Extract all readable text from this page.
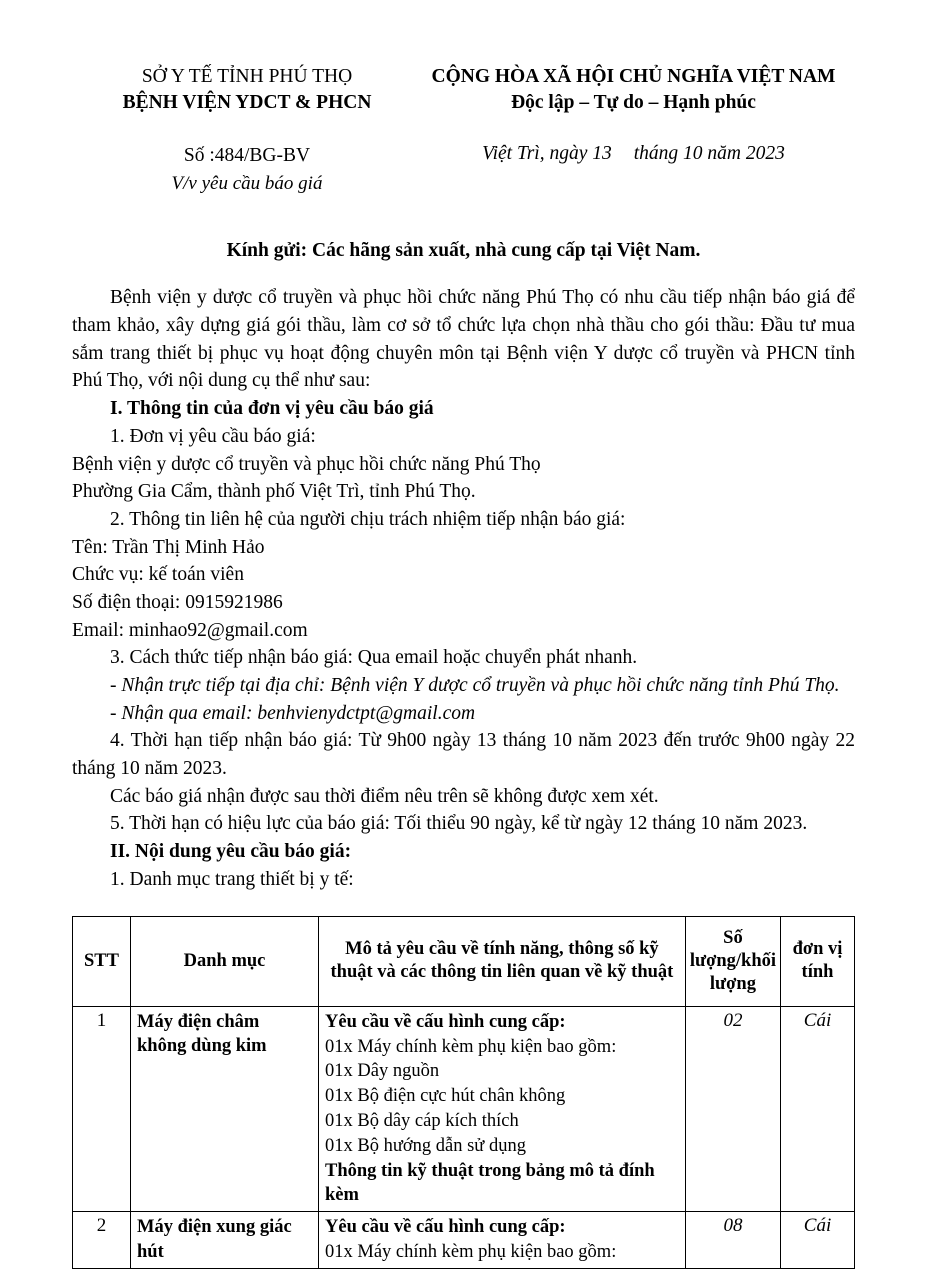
SỞ Y TẾ TỈNH PHÚ THỌ
BỆNH VIỆN YDCT & PHCN
CỘNG HÒA XÃ HỘI CHỦ NGHĨA VIỆT NAM
Độc lập – Tự do – Hạnh phúc
Số :484/BG-BV
V/v yêu cầu báo giá
Việt Trì, ngày 13 tháng 10 năm 2023
Kính gửi: Các hãng sản xuất, nhà cung cấp tại Việt Nam.

Bệnh viện y dược cổ truyền và phục hồi chức năng Phú Thọ có nhu cầu tiếp nhận báo giá để tham khảo, xây dựng giá gói thầu, làm cơ sở tổ chức lựa chọn nhà thầu cho gói thầu: Đầu tư mua sắm trang thiết bị phục vụ hoạt động chuyên môn tại Bệnh viện Y dược cổ truyền và PHCN tỉnh Phú Thọ, với nội dung cụ thể như sau:

I. Thông tin của đơn vị yêu cầu báo giá

1. Đơn vị yêu cầu báo giá:

Bệnh viện y dược cổ truyền và phục hồi chức năng Phú Thọ

Phường Gia Cẩm, thành phố Việt Trì, tỉnh Phú Thọ.

2. Thông tin liên hệ của người chịu trách nhiệm tiếp nhận báo giá:

Tên: Trần Thị Minh Hảo

Chức vụ: kế toán viên

Số điện thoại: 0915921986

Email: minhao92@gmail.com

3. Cách thức tiếp nhận báo giá: Qua email hoặc chuyển phát nhanh.

- Nhận trực tiếp tại địa chỉ: Bệnh viện Y dược cổ truyền và phục hồi chức năng tỉnh Phú Thọ.

- Nhận qua email: benhvienydctpt@gmail.com

4. Thời hạn tiếp nhận báo giá: Từ 9h00 ngày 13 tháng 10 năm 2023 đến trước 9h00 ngày 22 tháng 10 năm 2023.

Các báo giá nhận được sau thời điểm nêu trên sẽ không được xem xét.

5. Thời hạn có hiệu lực của báo giá: Tối thiểu 90 ngày, kể từ ngày 12 tháng 10 năm 2023.

II. Nội dung yêu cầu báo giá:

1. Danh mục trang thiết bị y tế:

STT	Danh mục	Mô tả yêu cầu về tính năng, thông số kỹ thuật và các thông tin liên quan về kỹ thuật	Số lượng/khối lượng	đơn vị tính
1	Máy điện châm không dùng kim	
Yêu cầu về cấu hình cung cấp:
01x Máy chính kèm phụ kiện bao gồm:
01x Dây nguồn
01x Bộ điện cực hút chân không
01x Bộ dây cáp kích thích
01x Bộ hướng dẫn sử dụng
Thông tin kỹ thuật trong bảng mô tả đính kèm
	02	Cái
2	Máy điện xung giác hút	Yêu cầu về cấu hình cung cấp:
01x Máy chính kèm phụ kiện bao gồm:	08	Cái
